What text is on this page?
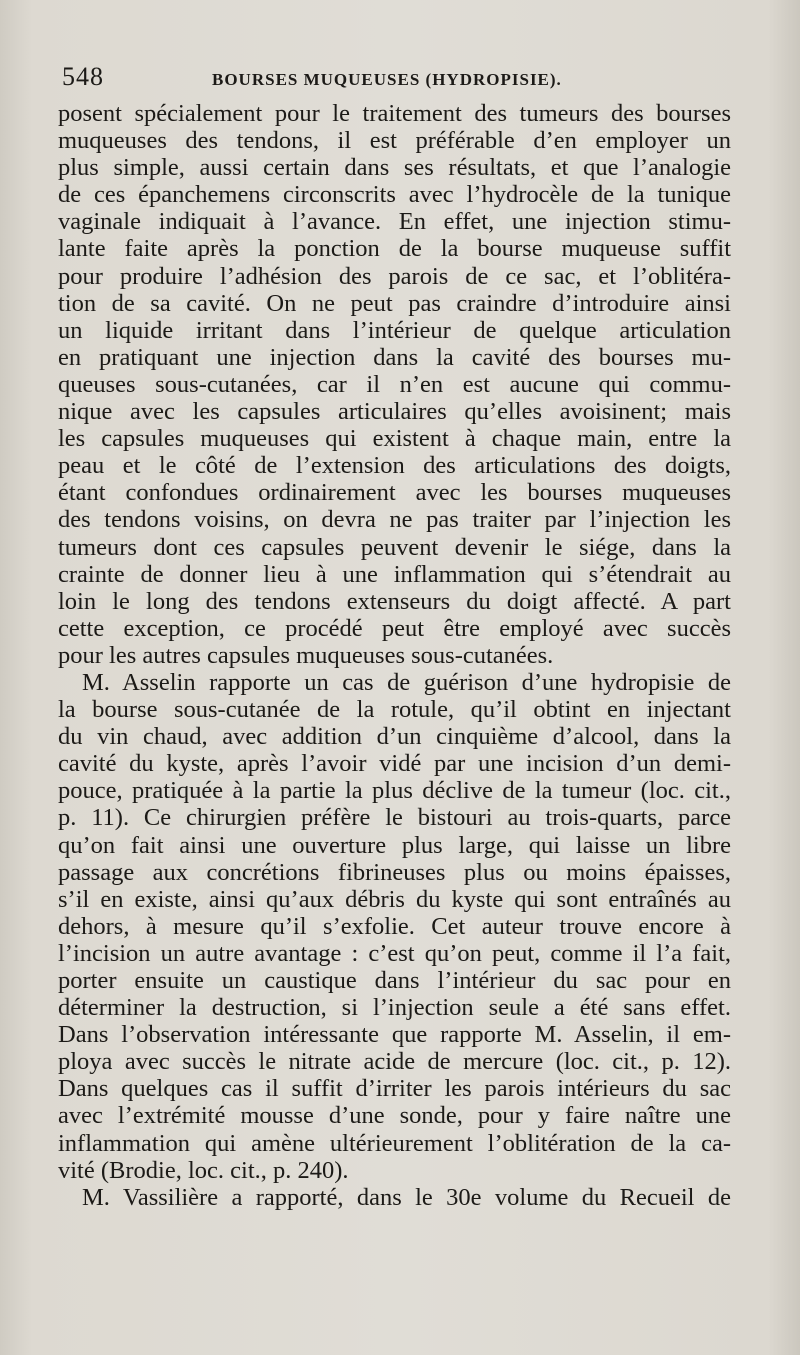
548	BOURSES MUQUEUSES (HYDROPISIE).
posent spécialement pour le traitement des tumeurs des bourses
muqueuses des tendons, il est préférable d’en employer un
plus simple, aussi certain dans ses résultats, et que l’analogie
de ces épanchemens circonscrits avec l’hydrocèle de la tunique
vaginale indiquait à l’avance. En effet, une injection stimu-
lante faite après la ponction de la bourse muqueuse suffit
pour produire l’adhésion des parois de ce sac, et l’oblitéra-
tion de sa cavité. On ne peut pas craindre d’introduire ainsi
un liquide irritant dans l’intérieur de quelque articulation
en pratiquant une injection dans la cavité des bourses mu-
queuses sous-cutanées, car il n’en est aucune qui commu-
nique avec les capsules articulaires qu’elles avoisinent; mais
les capsules muqueuses qui existent à chaque main, entre la
peau et le côté de l’extension des articulations des doigts,
étant confondues ordinairement avec les bourses muqueuses
des tendons voisins, on devra ne pas traiter par l’injection les
tumeurs dont ces capsules peuvent devenir le siége, dans la
crainte de donner lieu à une inflammation qui s’étendrait au
loin le long des tendons extenseurs du doigt affecté. A part
cette exception, ce procédé peut être employé avec succès
pour les autres capsules muqueuses sous-cutanées.
M. Asselin rapporte un cas de guérison d’une hydropisie de
la bourse sous-cutanée de la rotule, qu’il obtint en injectant
du vin chaud, avec addition d’un cinquième d’alcool, dans la
cavité du kyste, après l’avoir vidé par une incision d’un demi-
pouce, pratiquée à la partie la plus déclive de la tumeur (loc. cit.,
p. 11). Ce chirurgien préfère le bistouri au trois-quarts, parce
qu’on fait ainsi une ouverture plus large, qui laisse un libre
passage aux concrétions fibrineuses plus ou moins épaisses,
s’il en existe, ainsi qu’aux débris du kyste qui sont entraînés au
dehors, à mesure qu’il s’exfolie. Cet auteur trouve encore à
l’incision un autre avantage : c’est qu’on peut, comme il l’a fait,
porter ensuite un caustique dans l’intérieur du sac pour en
déterminer la destruction, si l’injection seule a été sans effet.
Dans l’observation intéressante que rapporte M. Asselin, il em-
ploya avec succès le nitrate acide de mercure (loc. cit., p. 12).
Dans quelques cas il suffit d’irriter les parois intérieurs du sac
avec l’extrémité mousse d’une sonde, pour y faire naître une
inflammation qui amène ultérieurement l’oblitération de la ca-
vité (Brodie, loc. cit., p. 240).
M. Vassilière a rapporté, dans le 30e volume du Recueil de
